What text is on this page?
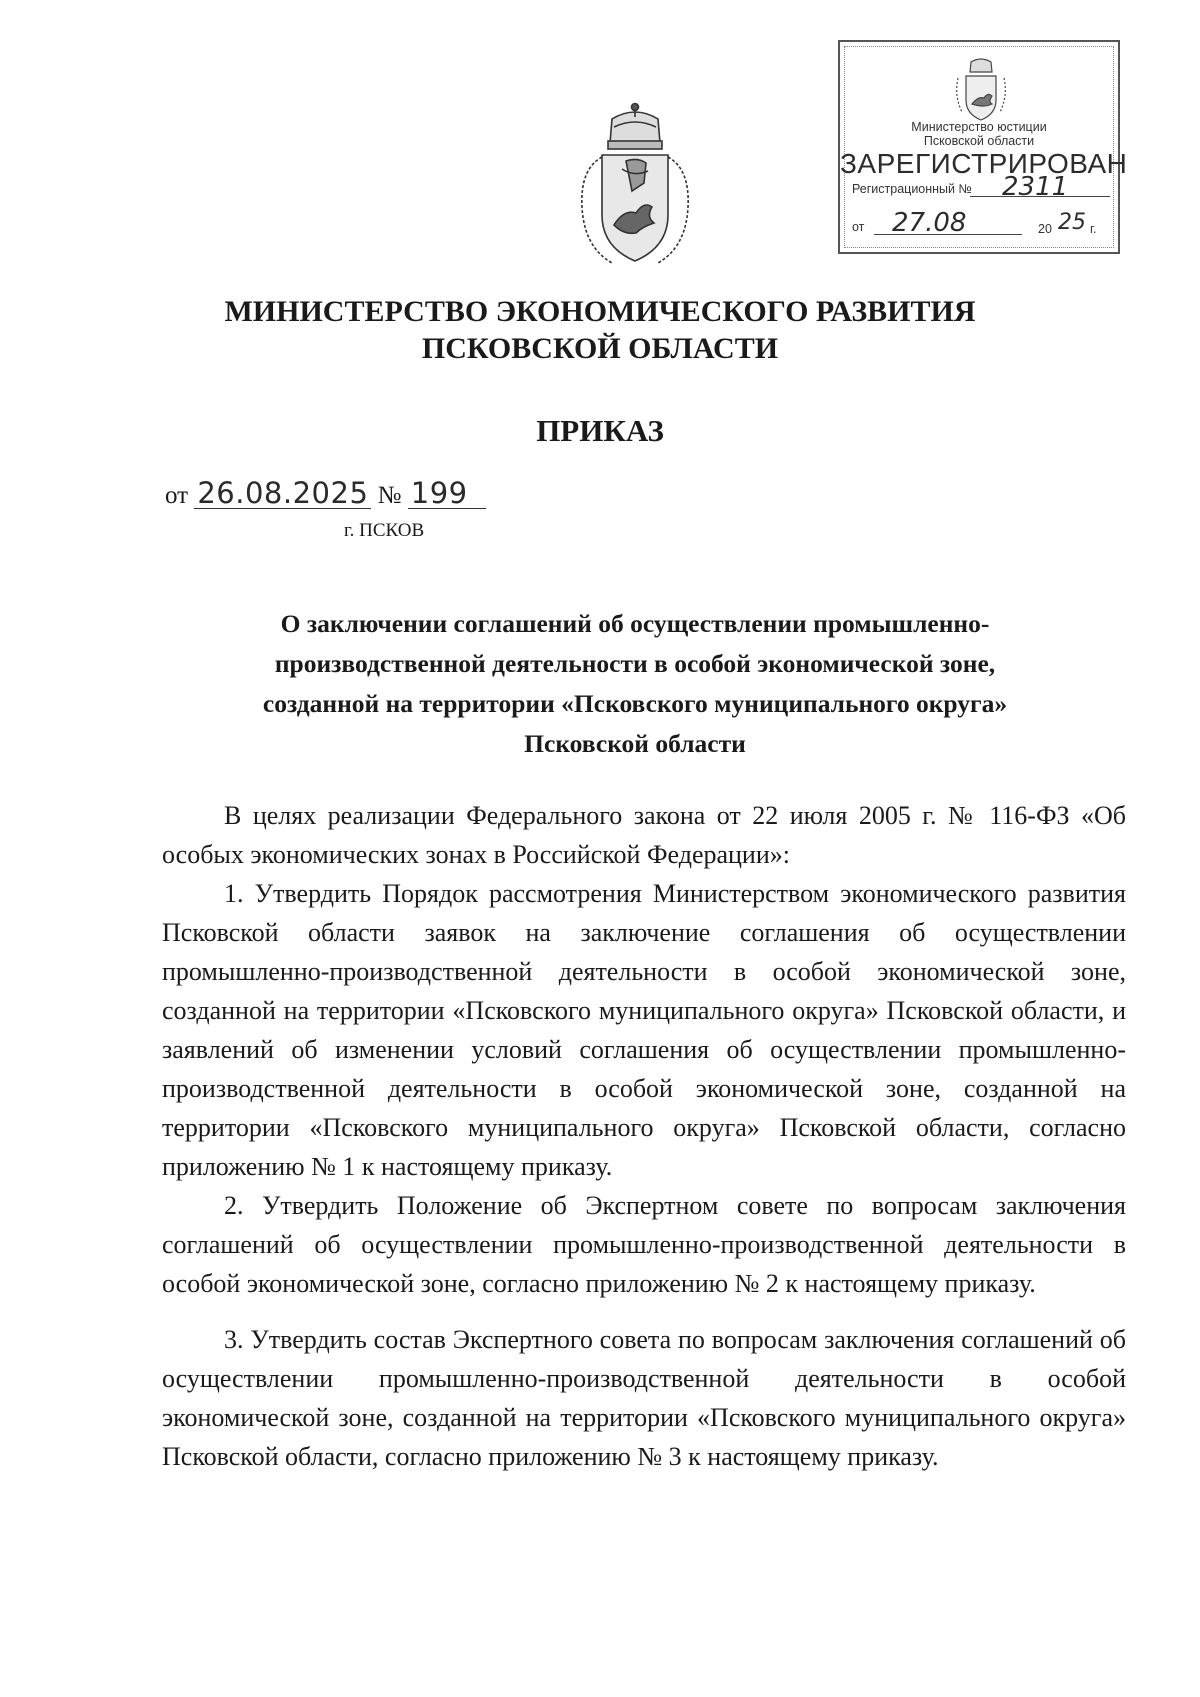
Министерство юстиции
Псковской области
ЗАРЕГИСТРИРОВАН
Регистрационный № 2311
от 27.08	20 25 г.
МИНИСТЕРСТВО ЭКОНОМИЧЕСКОГО РАЗВИТИЯ
ПСКОВСКОЙ ОБЛАСТИ
ПРИКАЗ
от 26.08.2025 № 199
г. ПСКОВ
О заключении соглашений об осуществлении промышленно-
производственной деятельности в особой экономической зоне,
созданной на территории «Псковского муниципального округа»
Псковской области

В целях реализации Федерального закона от 22 июля 2005 г. № 116-ФЗ «Об особых экономических зонах в Российской Федерации»:

1. Утвердить Порядок рассмотрения Министерством экономического развития Псковской области заявок на заключение соглашения об осуществлении промышленно-производственной деятельности в особой экономической зоне, созданной на территории «Псковского муниципального округа» Псковской области, и заявлений об изменении условий соглашения об осуществлении промышленно-производственной деятельности в особой экономической зоне, созданной на территории «Псковского муниципального округа» Псковской области, согласно приложению № 1 к настоящему приказу.

2. Утвердить Положение об Экспертном совете по вопросам заключения соглашений об осуществлении промышленно-производственной деятельности в особой экономической зоне, согласно приложению № 2 к настоящему приказу.

3. Утвердить состав Экспертного совета по вопросам заключения соглашений об осуществлении промышленно-производственной деятельности в особой экономической зоне, созданной на территории «Псковского муниципального округа» Псковской области, согласно приложению № 3 к настоящему приказу.
